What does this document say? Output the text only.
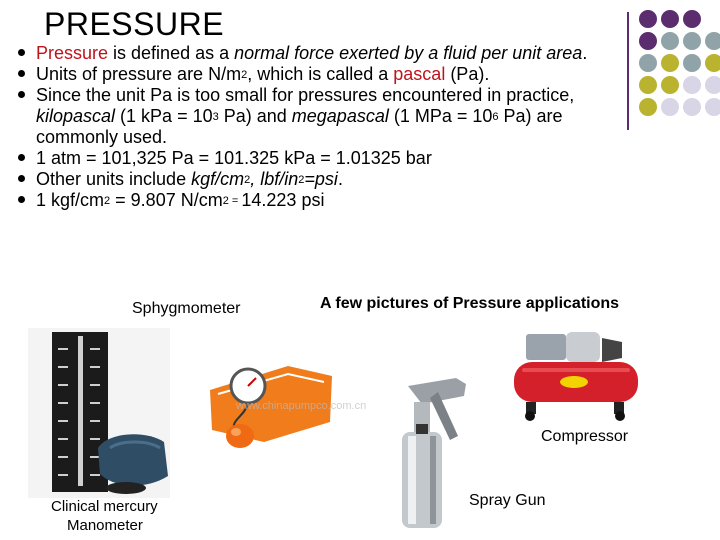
PRESSURE
Pressure is defined as a normal force exerted by a fluid per unit area.
Units of pressure are $N/m^2$, which is called a pascal (Pa).
Since the unit Pa is too small for pressures encountered in practice, kilopascal (1 kPa = $10^3$ Pa) and megapascal (1 MPa = $10^6$ Pa) are commonly used.
1 atm = 101,325 Pa = 101.325 kPa = 1.01325 bar
Other units include kgf/$cm^2$, lbf/$in^2=psi$.
1 kgf/$cm^2 = 9.807$ $N/cm^2$ = 14.223 psi
Sphygmometer	A few pictures of Pressure applications
Clinical mercury
Manometer
www.chinapumpco.com.cn
Compressor
Spray Gun
